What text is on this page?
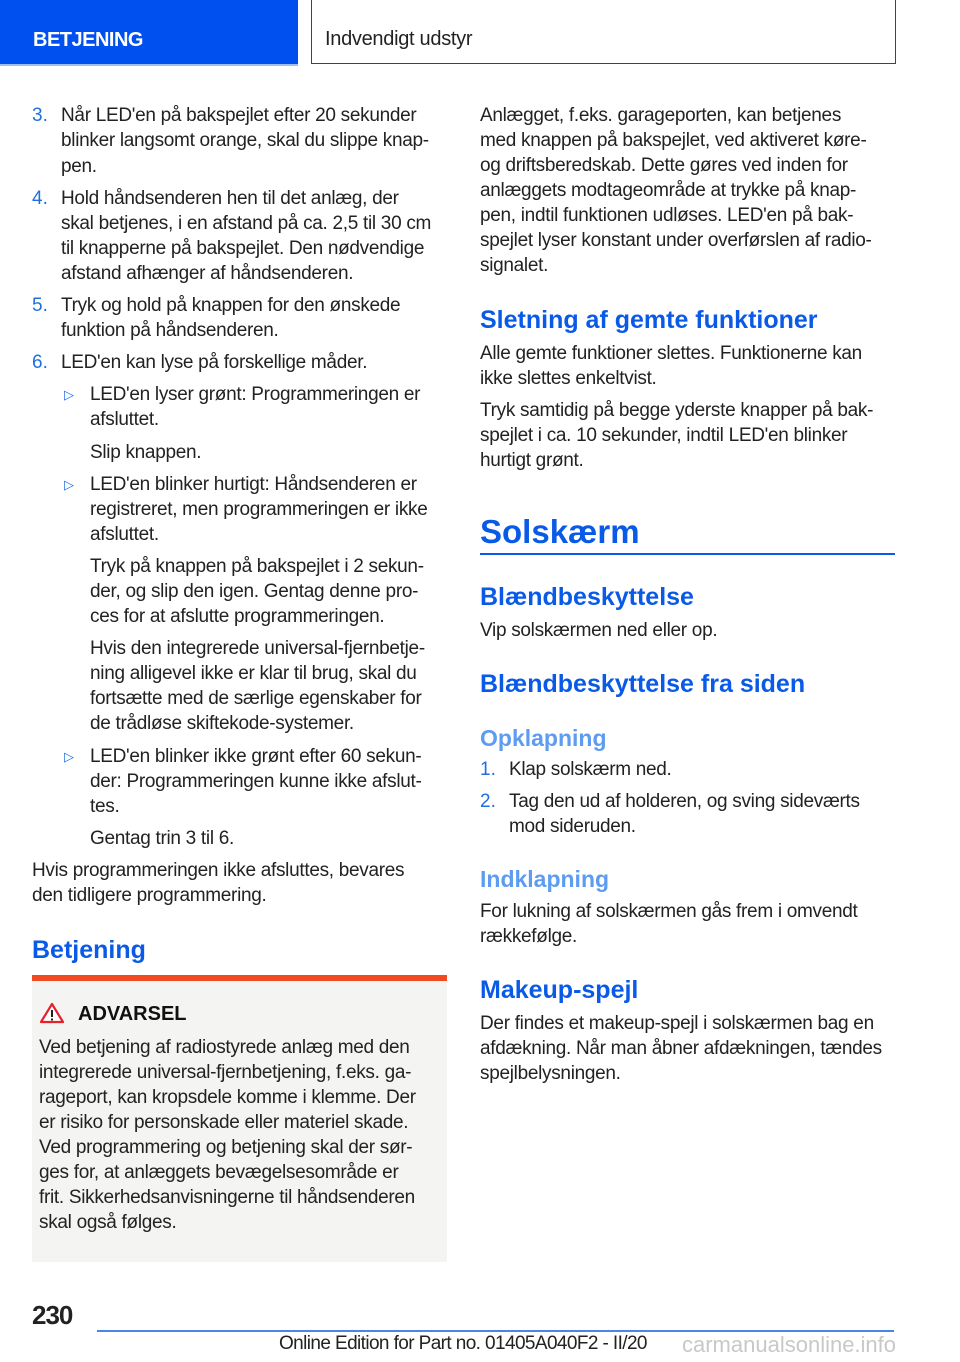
BETJENING	Indvendigt udstyr
3. Når LED'en på bakspejlet efter 20 sekunder
blinker langsomt orange, skal du slippe knap-
pen.
4. Hold håndsenderen hen til det anlæg, der
skal betjenes, i en afstand på ca. 2,5 til 30 cm
til knapperne på bakspejlet. Den nødvendige
afstand afhænger af håndsenderen.
5. Tryk og hold på knappen for den ønskede
funktion på håndsenderen.
6. LED'en kan lyse på forskellige måder.
▷ LED'en lyser grønt: Programmeringen er
afsluttet.
Slip knappen.
▷ LED'en blinker hurtigt: Håndsenderen er
registreret, men programmeringen er ikke
afsluttet.
Tryk på knappen på bakspejlet i 2 sekun-
der, og slip den igen. Gentag denne pro-
ces for at afslutte programmeringen.
Hvis den integrerede universal-fjernbetje-
ning alligevel ikke er klar til brug, skal du
fortsætte med de særlige egenskaber for
de trådløse skiftekode-systemer.
▷ LED'en blinker ikke grønt efter 60 sekun-
der: Programmeringen kunne ikke afslut-
tes.
Gentag trin 3 til 6.
Hvis programmeringen ikke afsluttes, bevares
den tidligere programmering.
Betjening
ADVARSEL
Ved betjening af radiostyrede anlæg med den
integrerede universal-fjernbetjening, f.eks. ga-
rageport, kan kropsdele komme i klemme. Der
er risiko for personskade eller materiel skade.
Ved programmering og betjening skal der sør-
ges for, at anlæggets bevægelsesområde er
frit. Sikkerhedsanvisningerne til håndsenderen
skal også følges.
Anlægget, f.eks. garageporten, kan betjenes
med knappen på bakspejlet, ved aktiveret køre-
og driftsberedskab. Dette gøres ved inden for
anlæggets modtageområde at trykke på knap-
pen, indtil funktionen udløses. LED'en på bak-
spejlet lyser konstant under overførslen af radio-
signalet.
Sletning af gemte funktioner
Alle gemte funktioner slettes. Funktionerne kan
ikke slettes enkeltvist.
Tryk samtidig på begge yderste knapper på bak-
spejlet i ca. 10 sekunder, indtil LED'en blinker
hurtigt grønt.
Solskærm
Blændbeskyttelse
Vip solskærmen ned eller op.
Blændbeskyttelse fra siden
Opklapning
1. Klap solskærm ned.
2. Tag den ud af holderen, og sving sideværts
mod sideruden.
Indklapning
For lukning af solskærmen gås frem i omvendt
rækkefølge.
Makeup-spejl
Der findes et makeup-spejl i solskærmen bag en
afdækning. Når man åbner afdækningen, tændes
spejlbelysningen.
230
Online Edition for Part no. 01405A040F2 - II/20 carmanualsonline.info
